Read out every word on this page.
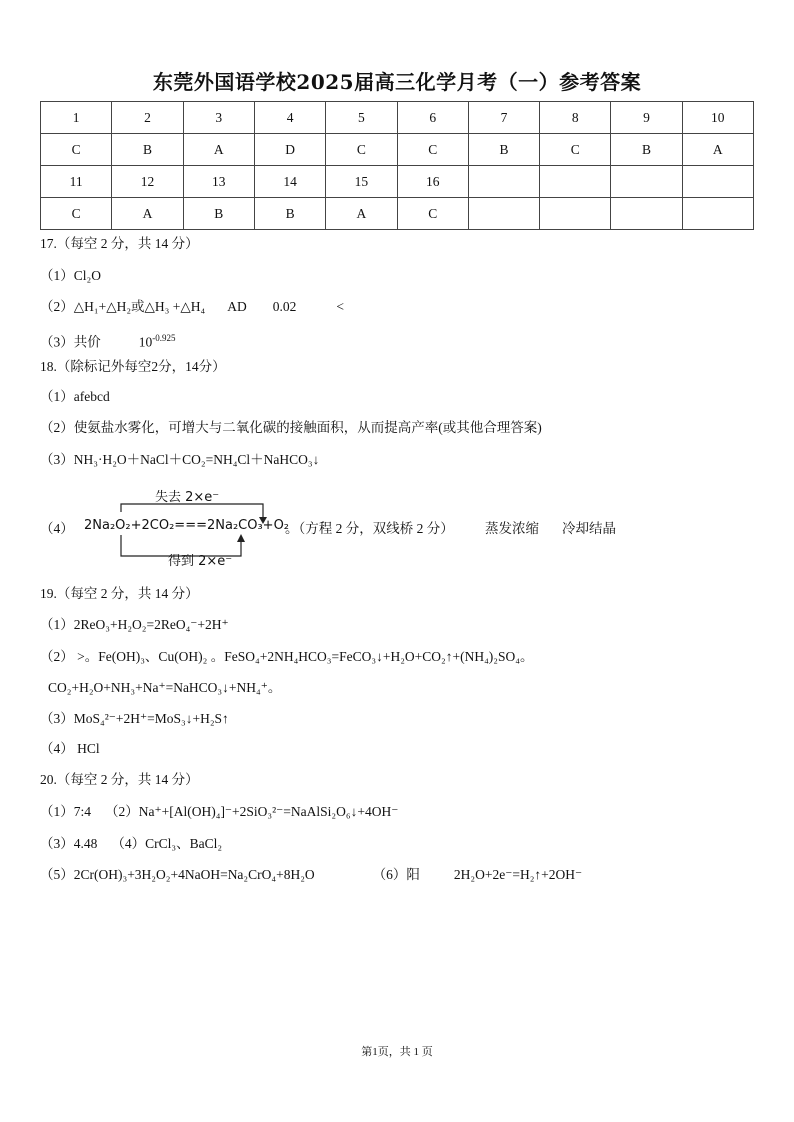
东莞外国语学校2025届高三化学月考（一）参考答案
1	2	3	4	5	6	7	8	9	10
C	B	A	D	C	C	B	C	B	A
11	12	13	14	15	16				
C	A	B	B	A	C				
17.（每空 2 分，共 14 分）
（1）Cl₂O
（2）△H₁+△H₂或△H₃ +△H₄ AD 0.02	<
（3）共价	$10^{-0.925}$
18.（除标记外每空2分，14分）
（1）afebcd
（2）使氨盐水雾化，可增大与二氧化碳的接触面积，从而提高产率(或其他合理答案)
（3）NH₃·H₂O＋NaCl＋CO₂=NH₄Cl＋NaHCO₃↓
失去 2×e⁻
（4） 2Na₂O₂+2CO₂===2Na₂CO₃+O₂
。（方程 2 分，双线桥 2 分） 蒸发浓缩 冷却结晶
得到 2×e⁻
19.（每空 2 分，共 14 分）
（1）2ReO₃+H₂O₂=2ReO₄⁻+2H⁺
（2） >。Fe(OH)₃、Cu(OH)₂ 。FeSO₄+2NH₄HCO₃=FeCO₃↓+H₂O+CO₂↑+(NH₄)₂SO₄。
CO₂+H₂O+NH₃+Na⁺=NaHCO₃↓+NH₄⁺。
（3）MoS₄²⁻+2H⁺=MoS₃↓+H₂S↑
（4） HCl
20.（每空 2 分，共 14 分）
（1）7:4 （2）Na⁺+[Al(OH)₄]⁻+2SiO₃²⁻=NaAlSi₂O₆↓+4OH⁻
（3）4.48 （4）CrCl₃、BaCl₂
（5）2Cr(OH)₃+3H₂O₂+4NaOH=Na₂CrO₄+8H₂O	（6）阳	2H₂O+2e⁻=H₂↑+2OH⁻
第1页，共 1 页
